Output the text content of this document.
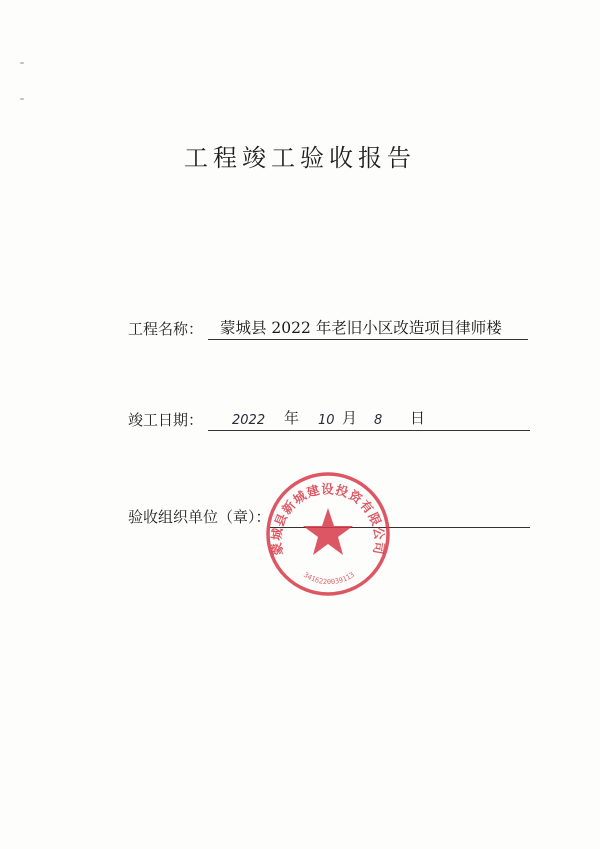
工程竣工验收报告
工程名称： 蒙城县 2022 年老旧小区改造项目律师楼
竣工日期： 2022 年 10 月 8 日
验收组织单位（章）：
蒙城县新城建设投资有限公司
3416220039113
